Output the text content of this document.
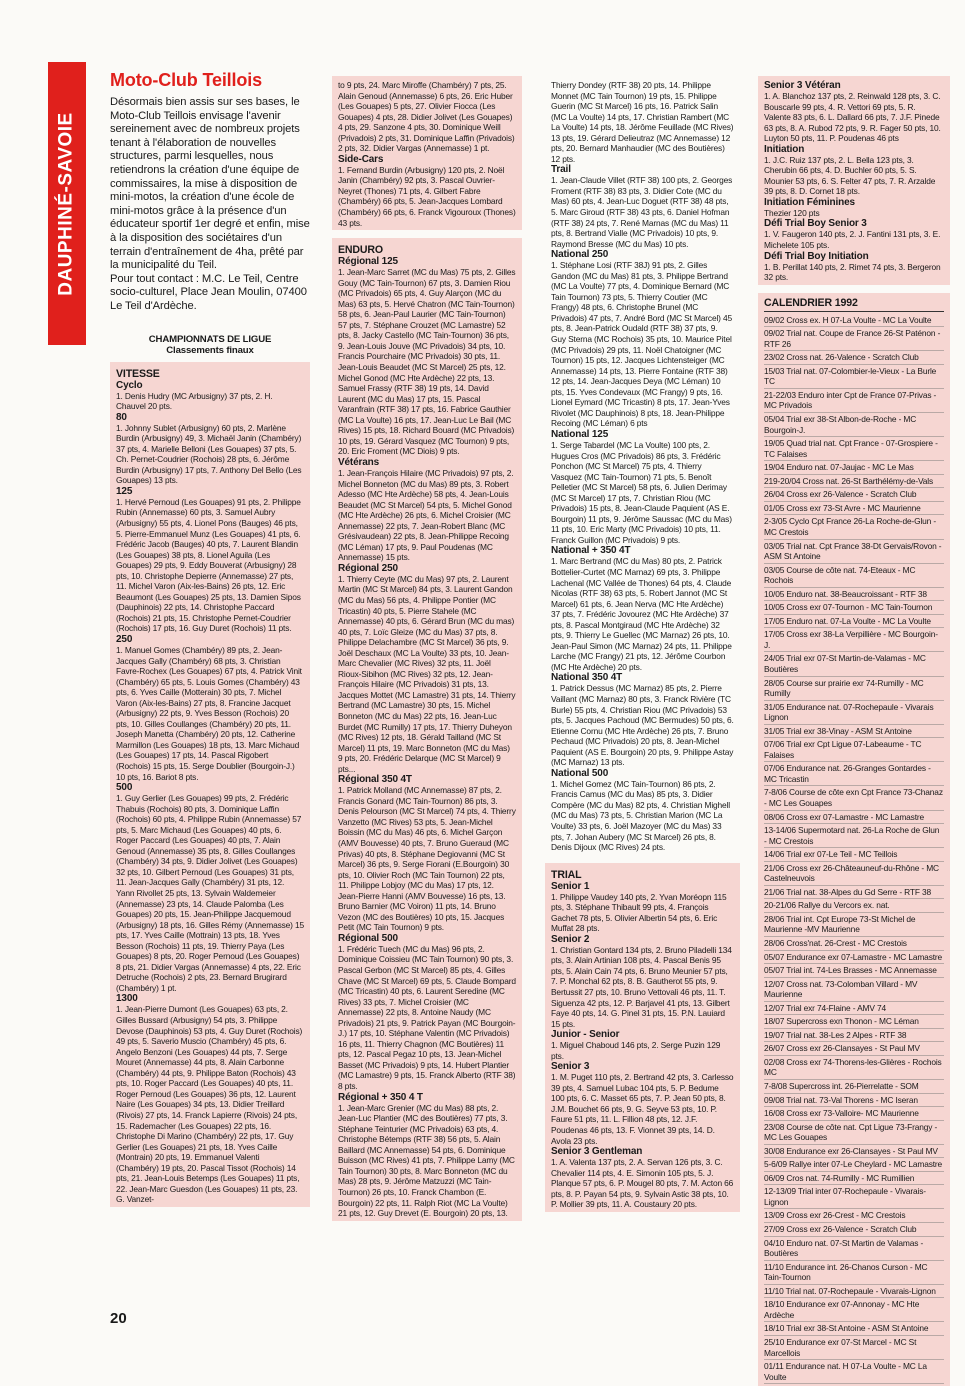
DAUPHINÉ-SAVOIE
Moto-Club Teillois

Désormais bien assis sur ses bases, le Moto-Club Teillois envisage l'avenir sereinement avec de nombreux projets tenant à l'élaboration de nouvelles structures, parmi lesquelles, nous retiendrons la création d'une équipe de commissaires, la mise à disposition de mini-motos, la création d'une école de mini-motos grâce à la présence d'un éducateur sportif 1er degré et enfin, mise à la disposition des sociétaires d'un terrain d'entraînement de 4ha, prêté par la municipalité du Teil.

Pour tout contact : M.C. Le Teil, Centre socio-culturel, Place Jean Moulin, 07400 Le Teil d'Ardèche.

CHAMPIONNATS DE LIGUE
Classements finaux
VITESSE
Cyclo
1. Denis Hudry (MC Arbusigny) 37 pts, 2. H. Chauvel 20 pts.
80
1. Johnny Sublet (Arbusigny) 60 pts, 2. Marlène Burdin (Arbusigny) 49, 3. Michaël Janin (Chambéry) 37 pts, 4. Marielle Belloni (Les Gouapes) 37 pts, 5. Ch. Pernet-Coudrier (Rochois) 28 pts, 6. Jérôme Burdin (Arbusigny) 17 pts, 7. Anthony Del Bello (Les Gouapes) 13 pts.
125
1. Hervé Pernoud (Les Gouapes) 91 pts, 2. Philippe Rubin (Annemasse) 60 pts, 3. Samuel Aubry (Arbusigny) 55 pts, 4. Lionel Pons (Bauges) 46 pts, 5. Pierre-Emmanuel Munz (Les Gouapes) 41 pts, 6. Frédéric Jacob (Bauges) 40 pts, 7. Laurent Blandin (Les Gouapes) 38 pts, 8. Lionel Aguila (Les Gouapes) 29 pts, 9. Eddy Bouverat (Arbusigny) 28 pts, 10. Christophe Depierre (Annemasse) 27 pts, 11. Michel Varon (Aix-les-Bains) 26 pts, 12. Eric Beaumont (Les Gouapes) 25 pts, 13. Damien Sipos (Dauphinois) 22 pts, 14. Christophe Paccard (Rochois) 21 pts, 15. Christophe Pernet-Coudrier (Rochois) 17 pts, 16. Guy Duret (Rochois) 11 pts.
250
1. Manuel Gomes (Chambéry) 89 pts, 2. Jean-Jacques Gally (Chambéry) 68 pts, 3. Christian Favre-Rochex (Les Gouapes) 67 pts, 4. Patrick Vinit (Chambéry) 65 pts, 5. Louis Gomes (Chambéry) 43 pts, 6. Yves Caille (Motterain) 30 pts, 7. Michel Varon (Aix-les-Bains) 27 pts, 8. Francine Jacquet (Arbusigny) 22 pts, 9. Yves Besson (Rochois) 20 pts, 10. Gilles Coullanges (Chambéry) 20 pts, 11. Joseph Manetta (Chambéry) 20 pts, 12. Catherine Marmillon (Les Gouapes) 18 pts, 13. Marc Michaud (Les Gouapes) 17 pts, 14. Pascal Rigobert (Rochois) 15 pts, 15. Serge Doublier (Bourgoin-J.) 10 pts, 16. Bariot 8 pts.
500
1. Guy Gerlier (Les Gouapes) 99 pts, 2. Frédéric Thabuis (Rochois) 80 pts, 3. Dominique Laffin (Rochois) 60 pts, 4. Philippe Rubin (Annemasse) 57 pts, 5. Marc Michaud (Les Gouapes) 40 pts, 6. Roger Paccard (Les Gouapes) 40 pts, 7. Alain Genoud (Annemasse) 35 pts, 8. Gilles Coullanges (Chambéry) 34 pts, 9. Didier Jolivet (Les Gouapes) 32 pts, 10. Gilbert Pernoud (Les Gouapes) 31 pts, 11. Jean-Jacques Gally (Chambéry) 31 pts, 12. Yann Rivollet 25 pts, 13. Sylvain Waldemeier (Annemasse) 23 pts, 14. Claude Palomba (Les Gouapes) 20 pts, 15. Jean-Philippe Jacquemoud (Arbusigny) 18 pts, 16. Gilles Rémy (Annemasse) 15 pts, 17. Yves Caille (Mottrain) 13 pts, 18. Yves Besson (Rochois) 11 pts, 19. Thierry Paya (Les Gouapes) 8 pts, 20. Roger Pernoud (Les Gouapes) 8 pts, 21. Didier Vargas (Annemasse) 4 pts, 22. Eric Detruche (Rochois) 2 pts, 23. Bernard Brugirard (Chambéry) 1 pt.
1300
1. Jean-Pierre Dumont (Les Gouapes) 63 pts, 2. Gilles Bussard (Arbusigny) 54 pts, 3. Philippe Devose (Dauphinois) 53 pts, 4. Guy Duret (Rochois) 49 pts, 5. Saverio Muscio (Chambéry) 45 pts, 6. Angelo Benzoni (Les Gouapes) 44 pts, 7. Serge Mouret (Annemasse) 44 pts, 8. Alain Carbonne (Chambéry) 44 pts, 9. Philippe Baton (Rochois) 43 pts, 10. Roger Paccard (Les Gouapes) 40 pts, 11. Roger Pernoud (Les Gouapes) 36 pts, 12. Laurent Naire (Les Gouapes) 34 pts, 13. Didier Treillard (Rivois) 27 pts, 14. Franck Lapierre (Rivois) 24 pts, 15. Rademacher (Les Gouapes) 22 pts, 16. Christophe Di Marino (Chambéry) 22 pts, 17. Guy Gerlier (Les Gouapes) 21 pts, 18. Yves Caille (Montrain) 20 pts, 19. Emmanuel Valenti (Chambéry) 19 pts, 20. Pascal Tissot (Rochois) 14 pts, 21. Jean-Louis Betemps (Les Gouapes) 11 pts, 22. Jean-Marc Guesdon (Les Gouapes) 11 pts, 23. G. Vanzet-
to 9 pts, 24. Marc Miroffe (Chambéry) 7 pts, 25. Alain Genoud (Annemasse) 6 pts, 26. Eric Huber (Les Gouapes) 5 pts, 27. Olivier Fiocca (Les Gouapes) 4 pts, 28. Didier Jolivet (Les Gouapes) 4 pts, 29. Sanzone 4 pts, 30. Dominique Weill (Privadois) 2 pts, 31. Dominique Laffin (Privadois) 2 pts, 32. Didier Vargas (Annemasse) 1 pt.
Side-Cars
1. Fernand Burdin (Arbusigny) 120 pts, 2. Noël Janin (Chambéry) 92 pts, 3. Pascal Ouvrier-Neyret (Thones) 71 pts, 4. Gilbert Fabre (Chambéry) 66 pts, 5. Jean-Jacques Lombard (Chambéry) 66 pts, 6. Franck Vigouroux (Thones) 43 pts.
ENDURO
Régional 125
1. Jean-Marc Sarret (MC du Mas) 75 pts, 2. Gilles Gouy (MC Tain-Tournon) 67 pts, 3. Damien Riou (MC Privadois) 65 pts, 4. Guy Alarçon (MC du Mas) 63 pts, 5. Hervé Chatron (MC Tain-Tournon) 58 pts, 6. Jean-Paul Laurier (MC Tain-Tournon) 57 pts, 7. Stéphane Crouzet (MC Lamastre) 52 pts, 8. Jacky Castello (MC Tain-Tournon) 36 pts, 9. Jean-Louis Jouve (MC Privadois) 34 pts, 10. Francis Pourchaire (MC Privadois) 30 pts, 11. Jean-Louis Beaudet (MC St Marcel) 25 pts, 12. Michel Gonod (MC Hte Ardèche) 22 pts, 13. Samuel Frassy (RTF 38) 19 pts, 14. David Laurent (MC du Mas) 17 pts, 15. Pascal Varanfrain (RTF 38) 17 pts, 16. Fabrice Gauthier (MC La Voulte) 16 pts, 17. Jean-Luc Le Bail (MC Rives) 15 pts, 18. Richard Bouard (MC Privadois) 10 pts, 19. Gérard Vasquez (MC Tournon) 9 pts, 20. Eric Froment (MC Diois) 9 pts.
Vétérans
1. Jean-François Hilaire (MC Privadois) 97 pts, 2. Michel Bonneton (MC du Mas) 89 pts, 3. Robert Adesso (MC Hte Ardèche) 58 pts, 4. Jean-Louis Beaudet (MC St Marcel) 54 pts, 5. Michel Gonod (MC Hte Ardèche) 26 pts, 6. Michel Croisier (MC Annemasse) 22 pts, 7. Jean-Robert Blanc (MC Grésivaudean) 22 pts, 8. Jean-Philippe Recoing (MC Léman) 17 pts, 9. Paul Poudenas (MC Annemasse) 15 pts.
Régional 250
1. Thierry Ceyte (MC du Mas) 97 pts, 2. Laurent Martin (MC St Marcel) 84 pts, 3. Laurent Gandon (MC du Mas) 56 pts, 4. Philippe Pontier (MC Tricastin) 40 pts, 5. Pierre Stahele (MC Annemasse) 40 pts, 6. Gérard Brun (MC du mas) 40 pts, 7. Loïc Gleize (MC du Mas) 37 pts, 8. Philippe Delachambre (MC St Marcel) 36 pts, 9. Joël Deschaux (MC La Voulte) 33 pts, 10. Jean-Marc Chevalier (MC Rives) 32 pts, 11. Joël Rioux-Sibihon (MC Rives) 32 pts, 12. Jean-François Hilaire (MC Privadois) 31 pts, 13. Jacques Mottet (MC Lamastre) 31 pts, 14. Thierry Bertrand (MC Lamastre) 30 pts, 15. Michel Bonneton (MC du Mas) 22 pts, 16. Jean-Luc Burdet (MC Rumilly) 17 pts, 17. Thierry Duheyon (MC Rives) 12 pts, 18. Gérald Tailland (MC St Marcel) 11 pts, 19. Marc Bonneton (MC du Mas) 9 pts, 20. Frédéric Delarque (MC St Marcel) 9 pts...
Régional 350 4T
1. Patrick Molland (MC Annemasse) 87 pts, 2. Francis Gonard (MC Tain-Tournon) 86 pts, 3. Denis Pelourson (MC St Marcel) 74 pts, 4. Thierry Vanzetto (MC Rives) 53 pts, 5. Jean-Michel Boissin (MC du Mas) 46 pts, 6. Michel Garçon (AMV Bouvesse) 40 pts, 7. Bruno Gueraud (MC Privas) 40 pts, 8. Stéphane Degiovanni (MC St Marcel) 36 pts, 9. Serge Fiorani (E.Bourgoin) 30 pts, 10. Olivier Roch (MC Tain Tournon) 22 pts, 11. Philippe Lobjoy (MC du Mas) 17 pts, 12. Jean-Pierre Hanni (AMV Bouvesse) 16 pts, 13. Bruno Barnier (MC Voiron) 11 pts, 14. Bruno Vezon (MC des Boutières) 10 pts, 15. Jacques Petit (MC Tain Tournon) 9 pts.
Régional 500
1. Frédéric Tuech (MC du Mas) 96 pts, 2. Dominique Coissieu (MC Tain Tournon) 90 pts, 3. Pascal Gerbon (MC St Marcel) 85 pts, 4. Gilles Chave (MC St Marcel) 69 pts, 5. Claude Bompard (MC Tricastin) 40 pts, 6. Laurent Seredine (MC Rives) 33 pts, 7. Michel Croisier (MC Annemasse) 22 pts, 8. Antoine Naudy (MC Privadois) 21 pts, 9. Patrick Payan (MC Bourgoin-J.) 17 pts, 10. Stéphane Valentin (MC Privadois) 16 pts, 11. Thierry Chagnon (MC Boutières) 11 pts, 12. Pascal Pegaz 10 pts, 13. Jean-Michel Basset (MC Privadois) 9 pts, 14. Hubert Plantier (MC Lamastre) 9 pts, 15. Franck Alberto (RTF 38) 8 pts.
Régional + 350 4 T
1. Jean-Marc Grenier (MC du Mas) 88 pts, 2. Jean-Luc Plantier (MC des Boutières) 77 pts, 3. Stéphane Teinturier (MC Privadois) 63 pts, 4. Christophe Bétemps (RTF 38) 56 pts, 5. Alain Baillard (MC Annemasse) 54 pts, 6. Dominique Buisson (MC Rives) 41 pts, 7. Philippe Lamy (MC Tain Tournon) 30 pts, 8. Marc Bonneton (MC du Mas) 28 pts, 9. Jérôme Matzuzzi (MC Tain-Tournon) 26 pts, 10. Franck Chambon (E. Bourgoin) 22 pts, 11. Ralph Riot (MC La Voulte) 21 pts, 12. Guy Drevet (E. Bourgoin) 20 pts, 13.
Thierry Dondey (RTF 38) 20 pts, 14. Philippe Monnet (MC Tain Tournon) 19 pts, 15. Philippe Guerin (MC St Marcel) 16 pts, 16. Patrick Salin (MC La Voulte) 14 pts, 17. Christian Rambert (MC La Voulte) 14 pts, 18. Jérôme Feuillade (MC Rives) 13 pts, 19. Gérard Delieutraz (MC Annemasse) 12 pts, 20. Bernard Manhaudier (MC des Boutières) 12 pts.
Trail
1. Jean-Claude Villet (RTF 38) 100 pts, 2. Georges Froment (RTF 38) 83 pts, 3. Didier Cote (MC du Mas) 60 pts, 4. Jean-Luc Doguet (RTF 38) 48 pts, 5. Marc Giroud (RTF 38) 43 pts, 6. Daniel Hofman (RTF 38) 24 pts, 7. René Marnas (MC du Mas) 11 pts, 8. Bertrand Vialle (MC Privadois) 10 pts, 9. Raymond Bresse (MC du Mas) 10 pts.
National 250
1. Stéphane Losi (RTF 38J) 91 pts, 2. Gilles Gandon (MC du Mas) 81 pts, 3. Philippe Bertrand (MC La Voulte) 77 pts, 4. Dominique Bernard (MC Tain Tournon) 73 pts, 5. Thierry Coutier (MC Frangy) 48 pts, 6. Christophe Brunel (MC Privadois) 47 pts, 7. André Bord (MC St Marcel) 45 pts, 8. Jean-Patrick Oudald (RTF 38) 37 pts, 9. Guy Sterna (MC Rochois) 35 pts, 10. Maurice Pitel (MC Privadois) 29 pts, 11. Noël Chatoigner (MC Tournon) 15 pts, 12. Jacques Lichtensteiger (MC Annemasse) 14 pts, 13. Pierre Fontaine (RTF 38) 12 pts, 14. Jean-Jacques Deya (MC Léman) 10 pts, 15. Yves Condevaux (MC Frangy) 9 pts, 16. Lionel Eymard (MC Tricastin) 8 pts, 17. Jean-Yves Rivolet (MC Dauphinois) 8 pts, 18. Jean-Philippe Recoing (MC Léman) 6 pts
National 125
1. Serge Tabardel (MC La Voulte) 100 pts, 2. Hugues Cros (MC Privadois) 86 pts, 3. Frédéric Ponchon (MC St Marcel) 75 pts, 4. Thierry Vasquez (MC Tain-Tournon) 71 pts, 5. Benoît Pelletier (MC St Marcel) 58 pts, 6. Julien Derimay (MC St Marcel) 17 pts, 7. Christian Riou (MC Privadois) 15 pts, 8. Jean-Claude Paquient (AS E. Bourgoin) 11 pts, 9. Jérôme Saussac (MC du Mas) 11 pts, 10. Eric Marty (MC Privadois) 10 pts, 11. Franck Guillon (MC Privadois) 9 pts.
National + 350 4T
1. Marc Bertrand (MC du Mas) 80 pts, 2. Patrick Bottelier-Curtet (MC Marnaz) 69 pts, 3. Philippe Lachenal (MC Vallée de Thones) 64 pts, 4. Claude Nicolas (RTF 38) 63 pts, 5. Robert Jannot (MC St Marcel) 61 pts, 6. Jean Nerva (MC Hte Ardèche) 37 pts, 7. Frédéric Jovourez (MC Hte Ardèche) 37 pts, 8. Pascal Montgiraud (MC Hte Ardèche) 32 pts, 9. Thierry Le Guellec (MC Marnaz) 26 pts, 10. Jean-Paul Simon (MC Marnaz) 24 pts, 11. Philippe Larche (MC Frangy) 21 pts, 12. Jérôme Courbon (MC Hte Ardèche) 20 pts.
National 350 4T
1. Patrick Dessus (MC Marnaz) 85 pts, 2. Pierre Vaillant (MC Marnaz) 80 pts, 3. Franck Rivière (TC Burle) 55 pts, 4. Christian Riou (MC Privadois) 53 pts, 5. Jacques Pachoud (MC Bermudes) 50 pts, 6. Etienne Cornu (MC Hte Ardèche) 26 pts, 7. Bruno Pechaud (MC Privadois) 20 pts, 8. Jean-Michel Paquient (AS E. Bourgoin) 20 pts, 9. Philippe Astay (MC Marnaz) 13 pts.
National 500
1. Michel Gomez (MC Tain-Tournon) 86 pts, 2. Francis Camus (MC du Mas) 85 pts, 3. Didier Compère (MC du Mas) 82 pts, 4. Christian Mighell (MC du Mas) 73 pts, 5. Christian Marion (MC La Voulte) 33 pts, 6. Joël Mazoyer (MC du Mas) 33 pts, 7. Johan Aubery (MC St Marcel) 26 pts, 8. Denis Dijoux (MC Rives) 24 pts.
TRIAL
Senior 1
1. Philippe Vaudey 140 pts, 2. Yvan Moréopn 115 pts, 3. Stéphane Thibault 99 pts, 4. François Gachet 78 pts, 5. Olivier Albertin 54 pts, 6. Eric Muffat 28 pts.
Senior 2
1. Christian Gontard 134 pts, 2. Bruno Piladelli 134 pts, 3. Alain Artinian 108 pts, 4. Pascal Benis 95 pts, 5. Alain Cain 74 pts, 6. Bruno Meunier 57 pts, 7. P. Monchal 62 pts, 8. B. Gautherot 55 pts, 9. Bertussit 27 pts, 10. Bruno Vettovali 46 pts, 11. T. Siguenza 42 pts, 12. P. Barjavel 41 pts, 13. Gilbert Faye 40 pts, 14. G. Pinel 31 pts, 15. P.N. Lauiard 15 pts.
Junior - Senior
1. Miguel Chaboud 146 pts, 2. Serge Puzin 129 pts.
Senior 3
1. M. Puget 110 pts, 2. Bertrand 42 pts, 3. Carlesso 39 pts, 4. Samuel Lubac 104 pts, 5. P. Bedume 100 pts, 6. C. Masset 65 pts, 7. P. Jean 50 pts, 8. J.M. Bouchet 66 pts, 9. G. Seyve 53 pts, 10. P. Faure 51 pts, 11. L. Fillion 48 pts, 12. J.F. Poudenas 46 pts, 13. F. Vionnet 39 pts, 14. D. Avola 23 pts.
Senior 3 Gentleman
1. A. Valenta 137 pts, 2. A. Servan 126 pts, 3. C. Chevalier 114 pts, 4. E. Simonin 105 pts, 5. J. Planque 57 pts, 6. P. Mougel 80 pts, 7. M. Acton 66 pts, 8. P. Payan 54 pts, 9. Sylvain Astic 38 pts, 10. P. Mollier 39 pts, 11. A. Coustaury 20 pts.
Senior 3 Vétéran
1. A. Blanchoz 137 pts, 2. Reinwald 128 pts, 3. C. Bouscarle 99 pts, 4. R. Vettori 69 pts, 5. R. Valente 83 pts, 6. L. Dallard 66 pts, 7. J.F. Pinede 63 pts, 8. A. Rubod 72 pts, 9. R. Fager 50 pts, 10. Luyton 50 pts, 11. P. Poudenas 46 pts
Initiation
1. J.C. Ruiz 137 pts, 2. L. Bella 123 pts, 3. Cherubin 66 pts, 4. D. Buchler 60 pts, 5. S. Mounier 53 pts, 6. S. Felter 47 pts, 7. R. Arzalde 39 pts, 8. D. Cornet 18 pts.
Initiation Féminines
Thezier 120 pts
Défi Trial Boy Senior 3
1. V. Faugeron 140 pts, 2. J. Fantini 131 pts, 3. E. Michelete 105 pts.
Défi Trial Boy Initiation
1. B. Perillat 140 pts, 2. Rimet 74 pts, 3. Bergeron 32 pts.
CALENDRIER 1992
09/02 Cross ex. H 07-La Voulte - MC La Voulte
09/02 Trial nat. Coupe de France 26-St Paténon - RTF 26
23/02 Cross nat. 26-Valence - Scratch Club
15/03 Trial nat. 07-Colombier-le-Vieux - La Burle TC
21-22/03 Enduro inter Cpt de France 07-Privas - MC Privadois
05/04 Trial exr 38-St Albon-de-Roche - MC Bourgoin-J.
19/05 Quad trial nat. Cpt France - 07-Grospiere - TC Falaises
19/04 Enduro nat. 07-Jaujac - MC Le Mas
219-20/04 Cross nat. 26-St Barthélémy-de-Vals
26/04 Cross exr 26-Valence - Scratch Club
01/05 Cross exr 73-St Avre - MC Maurienne
2-3/05 Cyclo Cpt France 26-La Roche-de-Glun - MC Crestois
03/05 Trial nat. Cpt France 38-Dt Gervais/Rovon - ASM St Antoine
03/05 Course de côte nat. 74-Eteaux - MC Rochois
10/05 Enduro nat. 38-Beaucroissant - RTF 38
10/05 Cross exr 07-Tournon - MC Tain-Tournon
17/05 Enduro nat. 07-La Voulte - MC La Voulte
17/05 Cross exr 38-La Verpillière - MC Bourgoin-J.
24/05 Trial exr 07-St Martin-de-Valamas - MC Boutières
28/05 Course sur prairie exr 74-Rumilly - MC Rumilly
31/05 Endurance nat. 07-Rochepaule - Vivarais Lignon
31/05 Trial exr 38-Vinay - ASM St Antoine
07/06 Trial exr Cpt Ligue 07-Labeaume - TC Falaises
07/06 Endurance nat. 26-Granges Gontardes - MC Tricastin
7-8/06 Course de côte exn Cpt France 73-Chanaz - MC Les Gouapes
08/06 Cross exr 07-Lamastre - MC Lamastre
13-14/06 Supermotard nat. 26-La Roche de Glun - MC Crestois
14/06 Trial exr 07-Le Teil - MC Teillois
21/06 Cross exr 26-Châteauneuf-du-Rhône - MC Castelneuvois
21/06 Trial nat. 38-Alpes du Gd Serre - RTF 38
20-21/06 Rallye du Vercors ex. nat.
28/06 Trial int. Cpt Europe 73-St Michel de Maurienne -MV Maurienne
28/06 Cross'nat. 26-Crest - MC Crestois
05/07 Endurance exr 07-Lamastre - MC Lamastre
05/07 Trial int. 74-Les Brasses - MC Annemasse
12/07 Cross nat. 73-Colomban Villard - MV Maurienne
12/07 Trial exr 74-Flaine - AMV 74
18/07 Supercross exn Thonon - MC Léman
19/07 Trial nat. 38-Les 2 Alpes - RTF 38
26/07 Cross exr 26-Clansayes - St Paul MV
02/08 Cross exr 74-Thorens-les-Glières - Rochois MC
7-8/08 Supercross int. 26-Pierrelatte - SOM
09/08 Trial nat. 73-Val Thorens - MC Iseran
16/08 Cross exr 73-Valloire- MC Maurienne
23/08 Course de côte nat. Cpt Ligue 73-Frangy - MC Les Gouapes
30/08 Endurance exr 26-Clansayes - St Paul MV
5-6/09 Rallye inter 07-Le Cheylard - MC Lamastre
06/09 Cros nat. 74-Rumilly - MC Rumillien
12-13/09 Trial inter 07-Rochepaule - Vivarais-Lignon
13/09 Cross exr 26-Crest - MC Crestois
27/09 Cross exr 26-Valence - Scratch Club
04/10 Enduro nat. 07-St Martin de Valamas -Boutières
11/10 Endurance int. 26-Chanos Curson - MC Tain-Tournon
11/10 Trial nat. 07-Rochepaule - Vivarais-Lignon
18/10 Endurance exr 07-Annonay - MC Hte Ardèche
18/10 Trial exr 38-St Antoine - ASM St Antoine
25/10 Endurance exr 07-St Marcel - MC St Marcellois
01/11 Endurance nat. H 07-La Voulte - MC La Voulte
20
